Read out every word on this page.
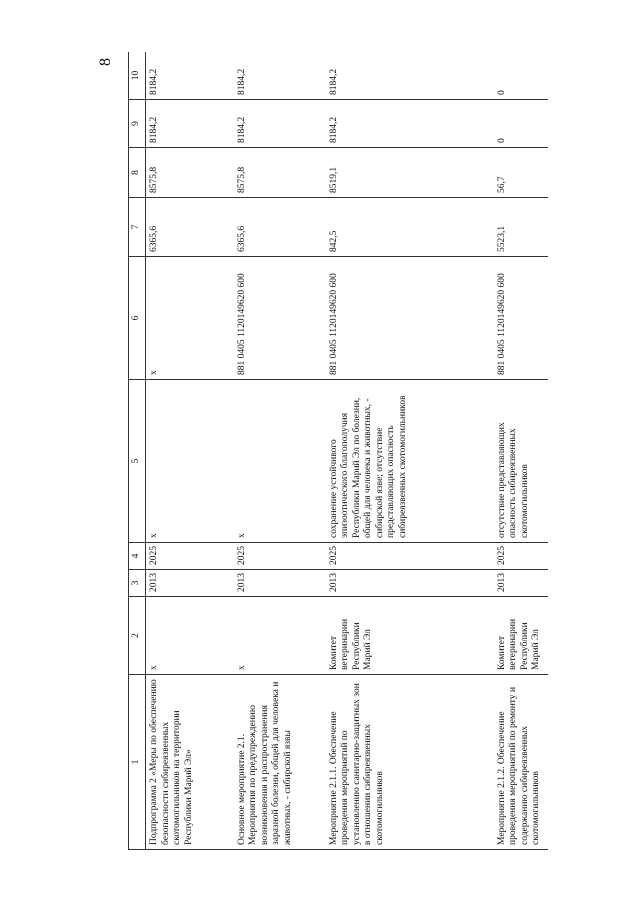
8
1	2	3	4	5	6	7	8	9	10
Подпрограмма 2 «Меры по обеспечению безопасности сибиреязвенных скотомогильников на территории Республики Марий Эл»	х	2013	2025	х	х	6365,6	8575,8	8184,2	8184,2
Основное мероприятие 2.1. Мероприятия по предупреждению возникновения и распространения заразной болезни, общей для человека и животных, - сибирской язвы	х	2013	2025	х	881 0405 1120149620 600	6365,6	8575,8	8184,2	8184,2
Мероприятие 2.1.1. Обеспечение проведения мероприятий по установлению санитарно-защитных зон в отношении сибиреязвенных скотомогильников	Комитет ветеринарии Республики Марий Эл	2013	2025	сохранение устойчивого эпизоотического благополучия Республики Марий Эл по болезни, общей для человека и животных, - сибирской язве; отсутствие представляющих опасность сибиреязвенных скотомогильников	881 0405 1120149620 600	842,5	8519,1	8184,2	8184,2
Мероприятие 2.1.2. Обеспечение проведения мероприятий по ремонту и содержанию сибиреязвенных скотомогильников	Комитет ветеринарии Республики Марий Эл	2013	2025	отсутствие представляющих опасность сибиреязвенных скотомогильников	881 0405 1120149620 600	5523,1	56,7	0	0
